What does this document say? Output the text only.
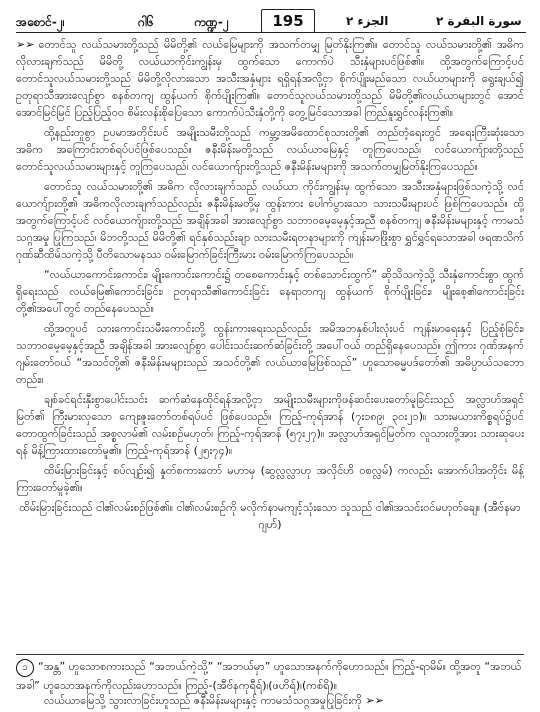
အစောင်-၂၊	ဂါ၆	ကဏ္ဍ-၂	195	الجزء ٢	سورة البقرة ٢

➢➢ တောင်သူ လယ်သမားတို့သည် မိမိတို့၏ လယ်မြေများကို အသက်တမျှ မြတ်နိုးကြ၏။ တောင်သူ လယ်သမားတို့၏ အဓိကလိုလားချက်သည် မိမိတို့ လယ်ယာကိုင်းကျွန်းမှ ထွက်သော ကောက်ပဲ သီးနှံများပင်ဖြစ်၏။ ထို့အတွက်ကြောင့်ပင် တောင်သူလယ်သမားတို့သည် မိမိတို့လိုလားသော အသီးအနှံများ ရရှိရန်အလို့ငှာ စိုက်ပျိုးမည်သော လယ်ယာများကို ရွေးချယ်၍ ဥတုရာသီအားလျော်စွာ စနစ်တကျ ထွန်ယက် စိုက်ပျိုးကြ၏။ တောင်သူလယ်သမားတို့သည် မိမိတို့၏လယ်ယာများတွင် အောင်အောင်မြင်မြင် ပြည့်ပြည့်ဝဝ စိမ်းလန်းစိုပြေသော ကောက်ပဲသီးနှံတို့ကို တွေ့မြင်သောအခါ ကြည်နူးရွှင်လန်းကြ၏။

ထို့နည်းတူစွာ ဥပမာအတိုင်းပင် အမျိုးသမီးတို့သည် ကမ္ဘာ့အမိထောင်စုသားတို့၏ တည်တံ့ရေးတွင် အရေးကြီးဆုံးသော အဓိက အကြောင်းတစ်ရပ်ပင်ဖြစ်ပေသည်။ ဇနီးမိန်းမတို့သည် လယ်ယာမြေနှင့် တူကြပေသည်၊ လင်ယောက်ျားတို့သည် တောင်သူလယ်သမားများနှင့် တူကြပေသည်၊ လင်ယောက်ျားတို့သည် ဇနီးမိန်းမများကို အသက်တမျှမြတ်နိုးကြပေသည်။

တောင်သူ လယ်သမားတို့၏ အဓိက လိုလားချက်သည် လယ်ယာ ကိုင်းကျွန်းမှ ထွက်သော အသီးအနှံများဖြစ်သကဲ့သို့ လင်ယောက်ျားတို့၏ အဓိကလိုလားချက်သည်လည်း ဇနီးမိန်းမတို့မှ ထွန်းကား ပေါက်ပွားသော သားသမီးများပင် ဖြစ်ကြပေသည်။ ထို့အတွက်ကြောင့်ပင် လင်ယောက်ျားတို့သည် အချိန်အခါ အားလျော်စွာ သဘာဝမေ့မေ့နှင့်အညီ စနစ်တကျ ဇနီးမိန်းမများနှင့် ကာမသံသဂ္ဂအမှု ပြုကြသည်၊ မိဘတို့သည် မိမိတို့၏ ရင်နှစ်သည်းချာ သားသမီးရတနာများကို ကျန်းမာဖြိုးစွာ ရွှင်ရွှင်ရသောအခါ ဖရဏသိက် ဂုဏ်ဆီထိမ်သကဲ့သို့ ပီတိသောမနဿ ဝမ်းမြောက်ခြင်းကြီးမား ဝမ်းမြောက်ကြပေသည်။

“လယ်ယာကောင်းကောင်း၊ မျိုးကောင်းကောင်း၌ တစေကောင်းနှင့် တစ်သောင်းထွက်” ဆိုသိသကဲ့သို့ သီးနှံကောင်းစွာ ထွက်ရှိရေးသည် လယ်မြေ၏ကောင်းခြင်း၊ ဥတုရာသီ၏ကောင်းခြင်း နေရာတကျ ထွန်ယက် စိုက်ပျိုးခြင်း၊ မျိုးစေ့၏ကောင်းခြင်းတို့၏အပေါ်တွင် တည်နေပေသည်။

ထို့အတူပင် သားကောင်းသမီးကောင်းတို့ ထွန်းကားရေးသည်လည်း အမိအဘနှစ်ပါးလုံးပင် ကျန်းမာရေးနှင့် ပြည့်စုံခြင်း၊ သဘာဝမေ့မေ့နှင့်အညီ အချိန်အခါ အားလျော်စွာ ပေါင်းသင်းဆက်ဆံခြင်းတို့ အပေါ်ဝယ် တည်ရှိနေပေသည်။ ဤကား ဂုဏ်အနက်ဂျမ်းတော်ဝယ် “အသင်တို့၏ ဇနီးမိန်းမများသည် အသင်တို့၏ လယ်ယာမြေဖြစ်သည်” ဟူသောဓမ္မပဒ်တော်၏ အဓိပ္ပာယ်သဘောတည်း။

ချစ်ခင်ရင်းနှီးစွာပေါင်းသင်း ဆက်ဆံနေထိုင်ရန်အလို့ငှာ အမျိုးသမီးများကိုဖန်ဆင်းပေးတော်မူခြင်းသည် အလ္လာဟ်အရှင်မြတ်၏ ကြီးမားလှသော ကျေးဇူးတော်တစ်ရပ်ပင် ဖြစ်ပေသည်။ ကြည့်-ကုရ်အာန် (၇း၁၈၉၊ ၃၀း၂၁)။ သားမယားကိစ္စရပ်၌ပင် တောထွက်ခြင်းသည် အစ္စလာမ်၏ လမ်းစဉ်မဟုတ်၊ ကြည့်-ကုရ်အာန် (၅၇း၂၇)။ အလ္လာဟ်အရှင်မြတ်က လူသားတို့အား သားဆုပေးရန် မိန့်ကြားထားတော်မူ၏။ ကြည့်-ကုရ်အာန် (၂၅း၇၄)။

ထိမ်းမြားခြင်းနှင့် စပ်လျဉ်း၍ နှုတ်စကားတော် မဟာမှ (ဆွလ္လလ္လာဟု အလိုင်ဟိ ဝစလ္လမ်) ကလည်း အောက်ပါအတိုင်း မိန့်ကြားတော်မူခဲ့၏။

ထိမ်းမြားခြင်းသည် ငါ၏လမ်းစဉ်ဖြစ်၏။ ငါ၏လမ်းစဉ်ကို မလိုက်နာမကျင့်သုံးသော သူသည် ငါ၏အသင်းဝင်မဟုတ်ချေ။ (အီဗ်နမာဂျဟ်)

၁ “အန္တ” ဟူသောစကားသည် “အဘယ်ကဲ့သို့” “အဘယ်မှာ” ဟူသောအနက်ကိုဟောသည်။ ကြည့်-ရာမိမ်။ ထို့အတူ “အဘယ်အခါ” ဟူသောအနက်ကိုလည်းဟောသည်။ ကြည့်-(အီဗ်နကုရီရ်)၊(ဖဟိရ်)၊(ကစ်ရိ)။
လယ်ယာမြေသို့ သွားလာခြင်းဟူသည် ဇနီးမိန်းမများနှင့် ကာမသံသဂ္ဂအမှုပြုခြင်းကို ➢➢
